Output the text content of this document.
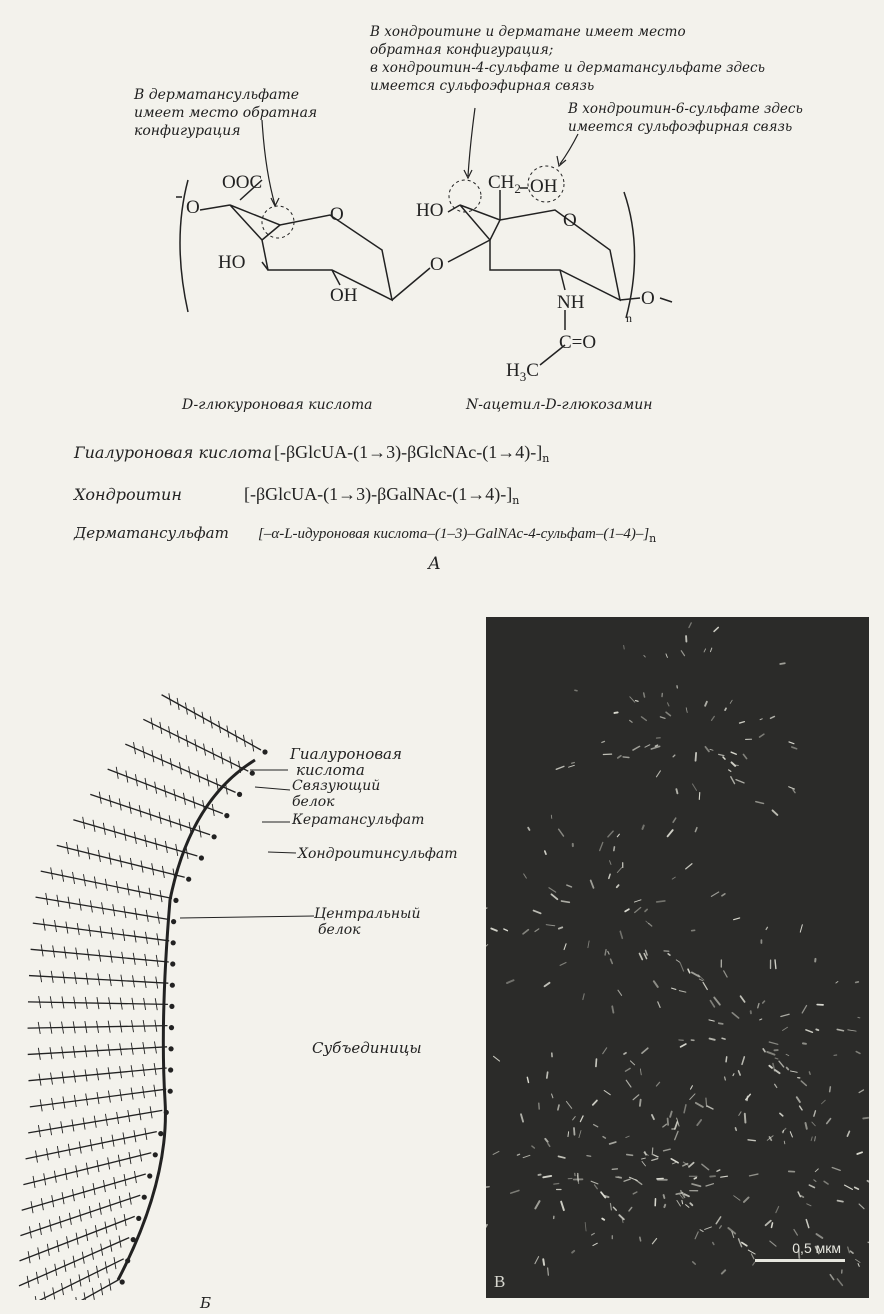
В дерматансульфате
имеет место обратная
конфигурация
В хондроитине и дерматане имеет место
обратная конфигурация;
в хондроитин-4-сульфате и дерматансульфате здесь
имеется сульфоэфирная связь
В хондроитин-6-сульфате здесь
имеется сульфоэфирная связь
OOC
O
HO
OH
O
O
HO
$CH_2$ OH
O
NH
C=O
$H_3C$
n
O
D-глюкуроновая кислота	N-ацетил-D-глюкозамин
Гиалуроновая кислота $[-\beta GlcUA-(1\to 3)-\beta GlcNAc-(1\to 4)-]_n$
Хондроитин	$[-\beta GlcUA-(1\to 3)-\beta GalNAc-(1\to 4)-]_n$
Дерматансульфат [–α-L-идуроновая кислота–$(1-3)-GalNAc-4-сульфат-(1-4)-]_n$
А
Гиалуроновая
кислота
Связующий
белок
Кератансульфат
Хондроитинсульфат
Центральный
белок
Субъединицы
Б
0,5 мкм
В
